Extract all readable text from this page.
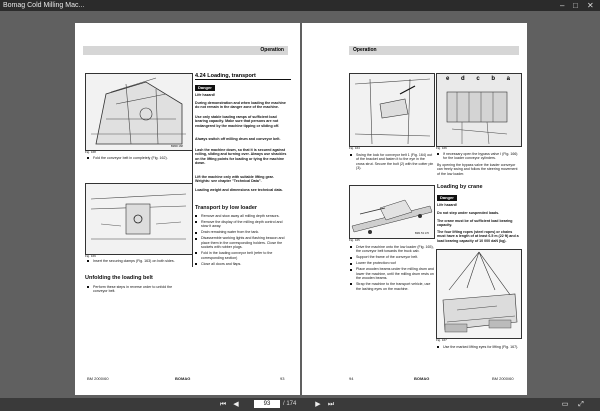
Bomag Cold Milling Mac...	– □ ✕
Operation
Fig. 168
BM00 168
Fold the conveyor belt in completely (Fig. 162).
Fig. 169
Insert the securing clamps (Fig. 163) on both sides.
Unfolding the loading belt
Perform these steps in reverse order to unfold the conveyor belt.
4.24 Loading, transport
Danger
Life hazard!
During demonstration and when loading the machine do not remain in the danger zone of the machine.
Use only stable loading ramps of sufficient load bearing capacity. Make sure that persons are not endangered by the machine tipping or sliding off.
Always switch off milling drum and conveyor belt.
Lash the machine down, so that it is secured against rolling, sliding and turning over. Always use shackles on the lifting points for loading or tying the machine down.
Lift the machine only with suitable lifting gear. Weights: see chapter "Technical Data".
Loading weight and dimensions see technical data.
Transport by low loader
Remove and stow away all milling depth sensors.
Remove the display of the milling depth control and stow it away.
Drain remaining water from the tank.
Disassemble working lights and flashing beacon and place them in the corresponding holders. Close the sockets with rubber plugs.
Fold in the loading conveyor belt (refer to the corresponding section)
Close all doors and flaps.
BM 2000/60	BOMAG	93
Operation
Fig. 164
Swing the lock for conveyor belt 1 (Fig. 164) out of the bracket and fasten it to the eye in the cross strut. Secure the bolt (2) with the cotter pin (3).
Fig. 165
BM1 53 170
Drive the machine onto the low loader (Fig. 165), the conveyor belt towards the truck cab.
Support the frame of the conveyor belt.
Lower the protection roof
Place wooden beams under the milling drum and lower the machine, until the milling drum rests on the wooden beams.
Strap the machine to the transport vehicle, use the lashing eyes on the machine.
e d c b a
Fig. 166
If necessary open the bypass valve I (Fig. 166) for the loader conveyor cylinders.
By opening the bypass valve the loader conveyor can freely swing and follow the steering movement of the low loader.
Loading by crane
Danger
Life hazard!
Do not step under suspended loads.
The crane must be of sufficient load bearing capacity.
The four lifting ropes (steel ropes) or chains must have a length of at least 6.5 m (22 ft) and a load bearing capacity of 10 000 daN (kg).
Fig. 167
Use the marked lifting eyes for lifting (Fig. 167).
94	BOMAG	BM 2000/60
⏮	◀	93	/ 174	▶	⏭	▭	⤢
